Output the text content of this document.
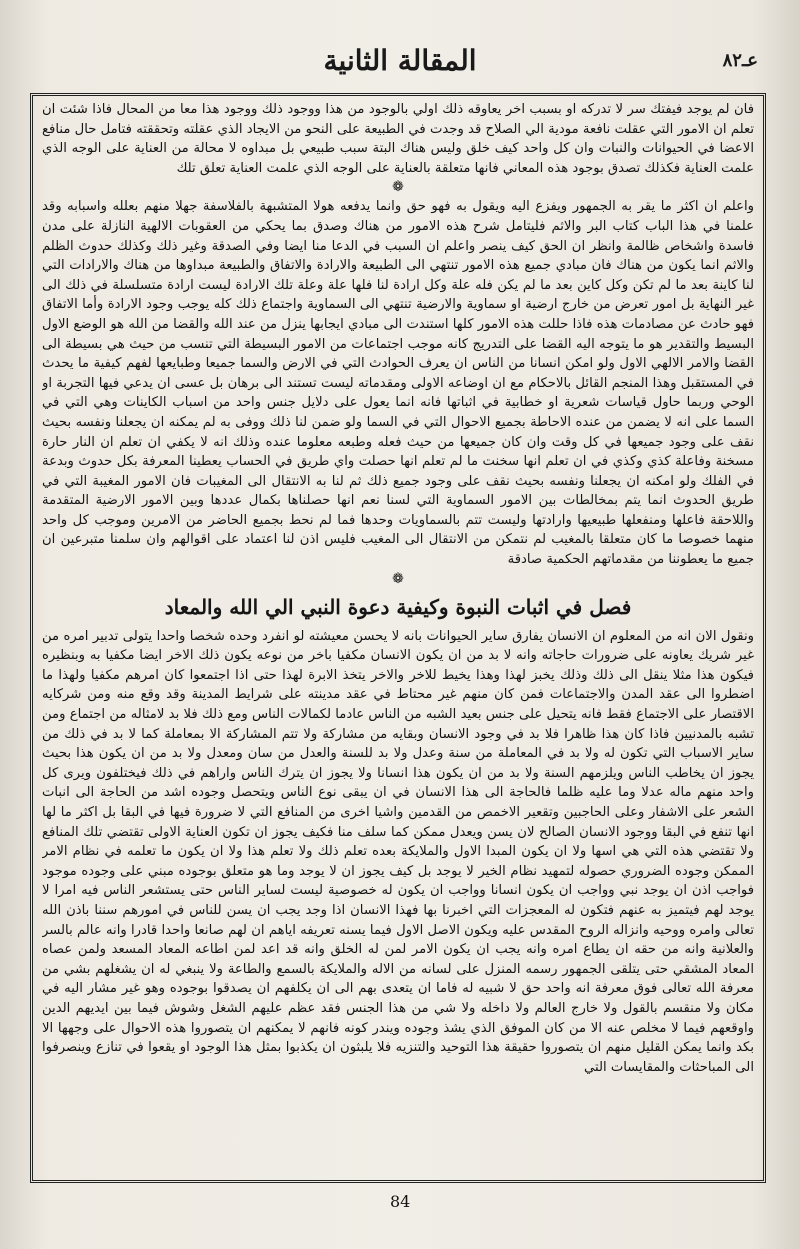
المقالة الثانية	عـ٨٢

فان لم يوجد فيفتك سر لا تدركه او بسبب اخر يعاوقه ذلك اولي بالوجود من هذا ووجود ذلك ووجود هذا معا من المحال فاذا شئت ان تعلم ان الامور التي عقلت نافعة مودية الي الصلاح قد وجدت في الطبيعة على النحو من الايجاد الذي عقلته وتحققته فتامل حال منافع الاعضا في الحيوانات والنبات وان كل واحد كيف خلق وليس هناك البتة سبب طبيعي بل مبداوه لا محالة من العناية على الوجه الذي علمت العناية فكذلك تصدق بوجود هذه المعاني فانها متعلقة بالعناية على الوجه الذي علمت العناية تعلق تلك

❁

واعلم ان اكثر ما يقر به الجمهور ويفزع اليه ويقول به فهو حق وانما يدفعه هولا المتشبهة بالفلاسفة جهلا منهم بعلله واسبابه وقد علمنا في هذا الباب كتاب البر والاثم فليتامل شرح هذه الامور من هناك وصدق بما يحكي من العقوبات الالهية النازلة على مدن فاسدة واشخاص ظالمة وانظر ان الحق كيف ينصر واعلم ان السبب في الدعا منا ايضا وفي الصدقة وغير ذلك وكذلك حدوث الظلم والاثم انما يكون من هناك فان مبادي جميع هذه الامور تنتهي الى الطبيعة والارادة والاتفاق والطبيعة مبداوها من هناك والارادات التي لنا كاينة بعد ما لم تكن وكل كاين بعد ما لم يكن فله علة وكل ارادة لنا فلها علة وعلة تلك الارادة ليست ارادة متسلسلة في ذلك الى غير النهاية بل امور تعرض من خارج ارضية او سماوية والارضية تنتهي الى السماوية واجتماع ذلك كله يوجب وجود الارادة وأما الاتفاق فهو حادث عن مصادمات هذه فاذا حللت هذه الامور كلها استندت الى مبادي ايجابها ينزل من عند الله والقضا من الله هو الوضع الاول البسيط والتقدير هو ما يتوجه اليه القضا على التدريج كانه موجب اجتماعات من الامور البسيطة التي تنسب من حيث هي بسيطة الى القضا والامر الالهي الاول ولو امكن انسانا من الناس ان يعرف الحوادث التي في الارض والسما جميعا وطبايعها لفهم كيفية ما يحدث في المستقبل وهذا المنجم القائل بالاحكام مع ان اوضاعه الاولى ومقدماته ليست تستند الى برهان بل عسى ان يدعي فيها التجربة او الوحي وربما حاول قياسات شعرية او خطابية في اثباتها فانه انما يعول على دلايل جنس واحد من اسباب الكاينات وهي التي في السما على انه لا يضمن من عنده الاحاطة بجميع الاحوال التي في السما ولو ضمن لنا ذلك ووفى به لم يمكنه ان يجعلنا ونفسه بحيث نقف على وجود جميعها في كل وقت وان كان جميعها من حيث فعله وطبعه معلوما عنده وذلك انه لا يكفي ان تعلم ان النار حارة مسخنة وفاعلة كذي وكذي في ان تعلم انها سخنت ما لم تعلم انها حصلت واي طريق في الحساب يعطينا المعرفة بكل حدوث وبدعة في الفلك ولو امكنه ان يجعلنا ونفسه بحيث نقف على وجود جميع ذلك ثم لنا به الانتقال الى المغيبات فان الامور المغيبة التي في طريق الحدوث انما يتم بمخالطات بين الامور السماوية التي لسنا نعم انها حصلناها بكمال عددها وبين الامور الارضية المتقدمة واللاحقة فاعلها ومنفعلها طبيعيها وارادتها وليست تتم بالسماويات وحدها فما لم نحط بجميع الحاضر من الامرين وموجب كل واحد منهما خصوصا ما كان متعلقا بالمغيب لم نتمكن من الانتقال الى المغيب فليس اذن لنا اعتماد على اقوالهم وان سلمنا متبرعين ان جميع ما يعطوننا من مقدماتهم الحكمية صادقة

❁
فصل في اثبات النبوة وكيفية دعوة النبي الي الله والمعاد

ونقول الان انه من المعلوم ان الانسان يفارق ساير الحيوانات بانه لا يحسن معيشته لو انفرد وحده شخصا واحدا يتولى تدبير امره من غير شريك يعاونه على ضرورات حاجاته وانه لا بد من ان يكون الانسان مكفيا باخر من نوعه يكون ذلك الاخر ايضا مكفيا به وبنظيره فيكون هذا مثلا ينقل الى ذلك وذلك يخبز لهذا وهذا يخيط للاخر والاخر يتخذ الابرة لهذا حتى اذا اجتمعوا كان امرهم مكفيا ولهذا ما اضطروا الى عقد المدن والاجتماعات فمن كان منهم غير محتاط في عقد مدينته على شرايط المدينة وقد وقع منه ومن شركايه الاقتصار على الاجتماع فقط فانه يتحيل على جنس بعيد الشبه من الناس عادما لكمالات الناس ومع ذلك فلا بد لامثاله من اجتماع ومن تشبه بالمدنيين فاذا كان هذا ظاهرا فلا بد في وجود الانسان وبقايه من مشاركة ولا تتم المشاركة الا بمعاملة كما لا بد في ذلك من ساير الاسباب التي تكون له ولا بد في المعاملة من سنة وعدل ولا بد للسنة والعدل من سان ومعدل ولا بد من ان يكون هذا بحيث يجوز ان يخاطب الناس ويلزمهم السنة ولا بد من ان يكون هذا انسانا ولا يجوز ان يترك الناس واراهم في ذلك فيختلفون ويرى كل واحد منهم ماله عدلا وما عليه ظلما فالحاجة الى هذا الانسان في ان يبقى نوع الناس ويتحصل وجوده اشد من الحاجة الى انبات الشعر على الاشفار وعلى الحاجبين وتقعير الاخمص من القدمين واشيا اخرى من المنافع التي لا ضرورة فيها في البقا بل اكثر ما لها انها تنفع في البقا ووجود الانسان الصالح لان يسن ويعدل ممكن كما سلف منا فكيف يجوز ان تكون العناية الاولى تقتضي تلك المنافع ولا تقتضي هذه التي هي اسها ولا ان يكون المبدا الاول والملايكة بعده تعلم ذلك ولا تعلم هذا ولا ان يكون ما تعلمه في نظام الامر الممكن وجوده الضروري حصوله لتمهيد نظام الخير لا يوجد بل كيف يجوز ان لا يوجد وما هو متعلق بوجوده مبني على وجوده موجود فواجب اذن ان يوجد نبي وواجب ان يكون انسانا وواجب ان يكون له خصوصية ليست لساير الناس حتى يستشعر الناس فيه امرا لا يوجد لهم فيتميز به عنهم فتكون له المعجزات التي اخبرنا بها فهذا الانسان اذا وجد يجب ان يسن للناس في امورهم سننا باذن الله تعالى وامره ووحيه وانزاله الروح المقدس عليه ويكون الاصل الاول فيما يسنه تعريفه اياهم ان لهم صانعا واحدا قادرا وانه عالم بالسر والعلانية وانه من حقه ان يطاع امره وانه يجب ان يكون الامر لمن له الخلق وانه قد اعد لمن اطاعه المعاد المسعد ولمن عصاه المعاد المشقي حتى يتلقى الجمهور رسمه المنزل على لسانه من الاله والملايكة بالسمع والطاعة ولا ينبغي له ان يشغلهم بشي من معرفة الله تعالى فوق معرفة انه واحد حق لا شبيه له فاما ان يتعدى بهم الى ان يكلفهم ان يصدقوا بوجوده وهو غير مشار اليه في مكان ولا منقسم بالقول ولا خارج العالم ولا داخله ولا شي من هذا الجنس فقد عظم عليهم الشغل وشوش فيما بين ايديهم الدين واوقعهم فيما لا مخلص عنه الا من كان الموفق الذي يشذ وجوده ويندر كونه فانهم لا يمكنهم ان يتصوروا هذه الاحوال على وجهها الا بكد وانما يمكن القليل منهم ان يتصوروا حقيقة هذا التوحيد والتنزيه فلا يلبثون ان يكذبوا بمثل هذا الوجود او يقعوا في تنازع وينصرفوا الى المباحثات والمقايسات التي

84
